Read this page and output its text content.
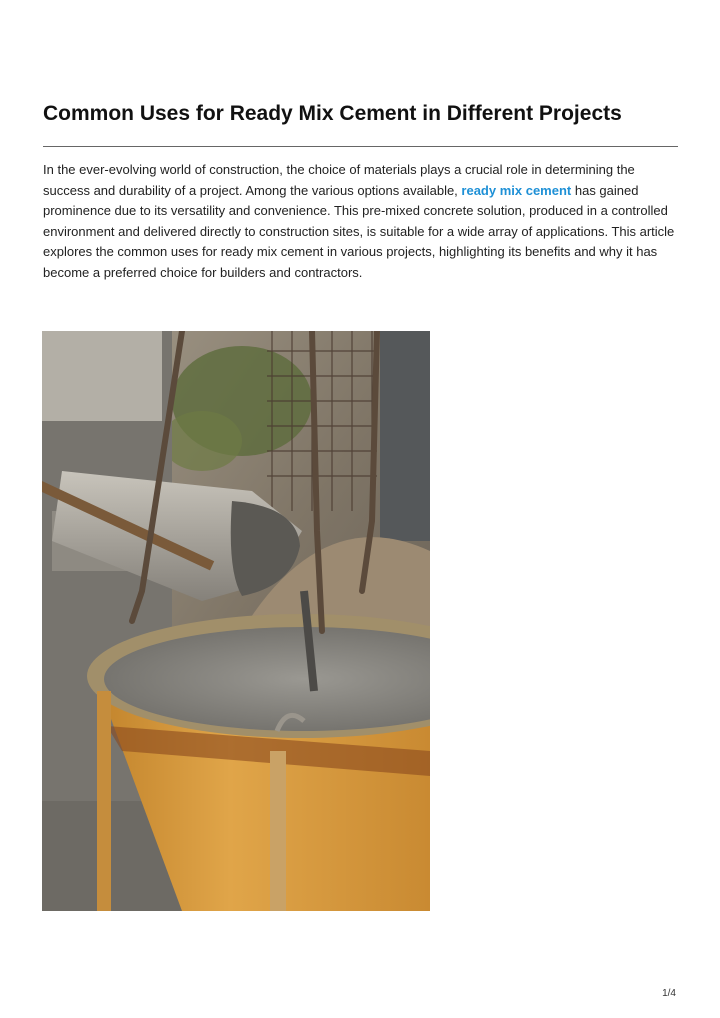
Common Uses for Ready Mix Cement in Different Projects

In the ever-evolving world of construction, the choice of materials plays a crucial role in determining the success and durability of a project. Among the various options available, ready mix cement has gained prominence due to its versatility and convenience. This pre-mixed concrete solution, produced in a controlled environment and delivered directly to construction sites, is suitable for a wide array of applications. This article explores the common uses for ready mix cement in various projects, highlighting its benefits and why it has become a preferred choice for builders and contractors.

1/4
